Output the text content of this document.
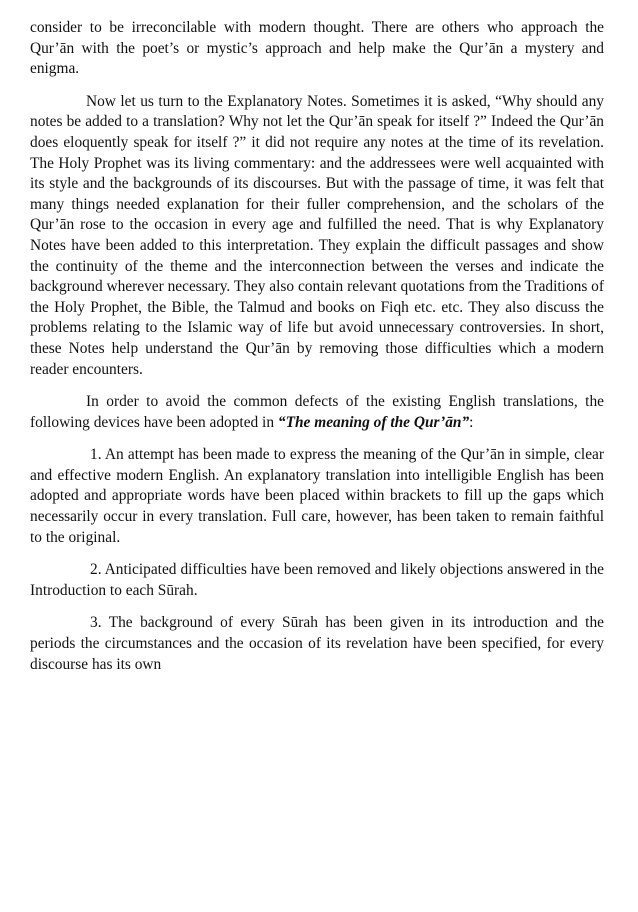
consider to be irreconcilable with modern thought. There are others who approach the Qur’ān with the poet’s or mystic’s approach and help make the Qur’ān a mystery and enigma.

Now let us turn to the Explanatory Notes. Sometimes it is asked, “Why should any notes be added to a translation? Why not let the Qur’ān speak for itself ?” Indeed the Qur’ān does eloquently speak for itself ?” it did not require any notes at the time of its revelation. The Holy Prophet was its living commentary: and the addressees were well acquainted with its style and the backgrounds of its discourses. But with the passage of time, it was felt that many things needed explanation for their fuller comprehension, and the scholars of the Qur’ān rose to the occasion in every age and fulfilled the need. That is why Explanatory Notes have been added to this interpretation. They explain the difficult passages and show the continuity of the theme and the interconnection between the verses and indicate the background wherever necessary. They also contain relevant quotations from the Traditions of the Holy Prophet, the Bible, the Talmud and books on Fiqh etc. etc. They also discuss the problems relating to the Islamic way of life but avoid unnecessary controversies. In short, these Notes help understand the Qur’ān by removing those difficulties which a modern reader encounters.

In order to avoid the common defects of the existing English translations, the following devices have been adopted in “The meaning of the Qur’ān”:

1. An attempt has been made to express the meaning of the Qur’ān in simple, clear and effective modern English. An explanatory translation into intelligible English has been adopted and appropriate words have been placed within brackets to fill up the gaps which necessarily occur in every translation. Full care, however, has been taken to remain faithful to the original.

2. Anticipated difficulties have been removed and likely objections answered in the Introduction to each Sūrah.

3. The background of every Sūrah has been given in its introduction and the periods the circumstances and the occasion of its revelation have been specified, for every discourse has its own
